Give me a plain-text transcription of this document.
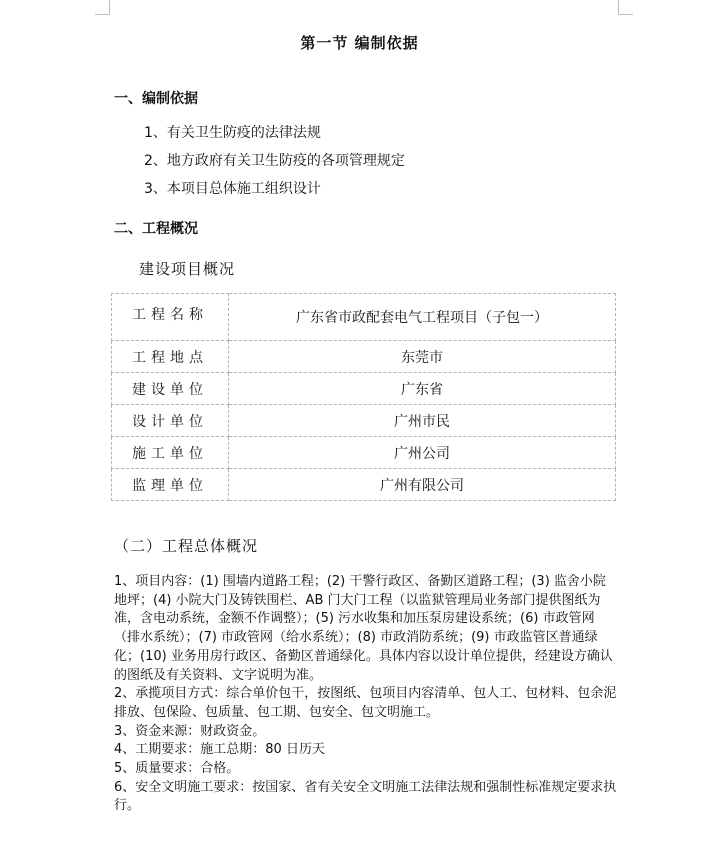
第一节 编制依据
一、编制依据
1、有关卫生防疫的法律法规
2、地方政府有关卫生防疫的各项管理规定
3、本项目总体施工组织设计
二、工程概况
建设项目概况
工程名称	广东省市政配套电气工程项目（子包一）
工程地点	东莞市
建设单位	广东省
设计单位	广州市民
施工单位	广州公司
监理单位	广州有限公司
（二）工程总体概况

1、项目内容：(1) 围墙内道路工程；(2) 干警行政区、备勤区道路工程；(3) 监舍小院地坪；(4) 小院大门及铸铁围栏、AB 门大门工程（以监狱管理局业务部门提供图纸为准，含电动系统，金额不作调整）；(5) 污水收集和加压泵房建设系统；(6) 市政管网（排水系统）；(7) 市政管网（给水系统）；(8) 市政消防系统；(9) 市政监管区普通绿化；(10) 业务用房行政区、备勤区普通绿化。具体内容以设计单位提供，经建设方确认的图纸及有关资料、文字说明为准。

2、承揽项目方式：综合单价包干，按图纸、包项目内容清单、包人工、包材料、包余泥排放、包保险、包质量、包工期、包安全、包文明施工。

3、资金来源：财政资金。

4、工期要求：施工总期：80 日历天

5、质量要求：合格。

6、安全文明施工要求：按国家、省有关安全文明施工法律法规和强制性标准规定要求执行。
